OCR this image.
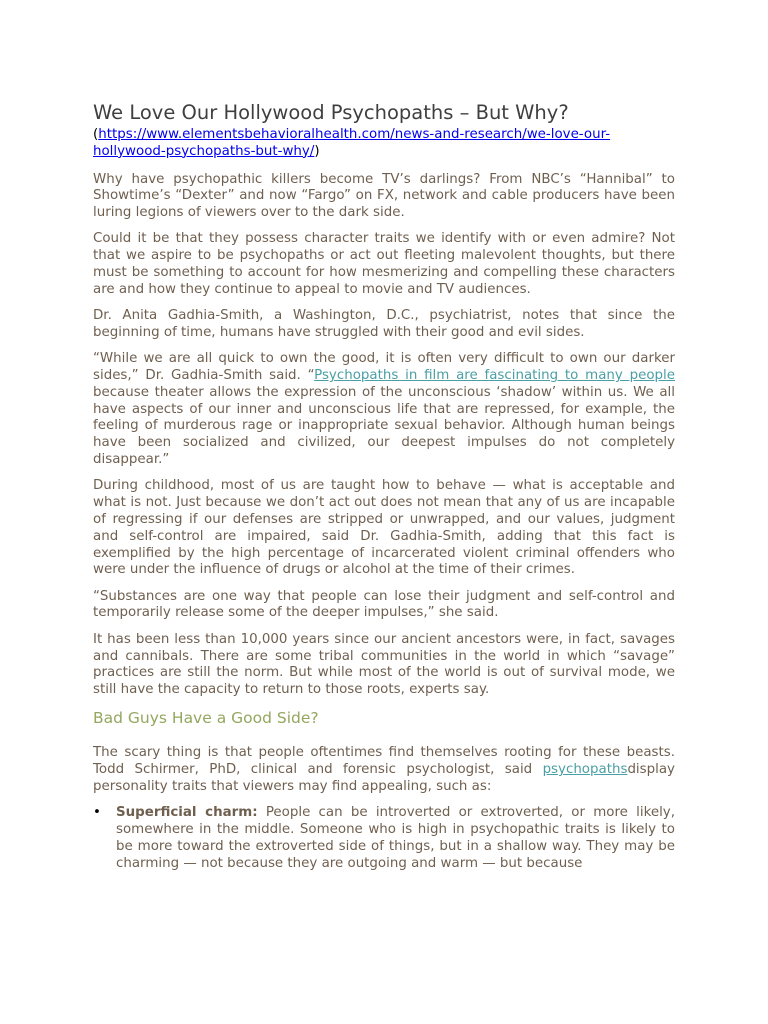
We Love Our Hollywood Psychopaths – But Why?
(https://www.elementsbehavioralhealth.com/news-and-research/we-love-our-hollywood-psychopaths-but-why/)

Why have psychopathic killers become TV’s darlings? From NBC’s “Hannibal” to Showtime’s “Dexter” and now “Fargo” on FX, network and cable producers have been luring legions of viewers over to the dark side.

Could it be that they possess character traits we identify with or even admire? Not that we aspire to be psychopaths or act out fleeting malevolent thoughts, but there must be something to account for how mesmerizing and compelling these characters are and how they continue to appeal to movie and TV audiences.

Dr. Anita Gadhia-Smith, a Washington, D.C., psychiatrist, notes that since the beginning of time, humans have struggled with their good and evil sides.

“While we are all quick to own the good, it is often very difficult to own our darker sides,” Dr. Gadhia-Smith said. “Psychopaths in film are fascinating to many people because theater allows the expression of the unconscious ‘shadow’ within us. We all have aspects of our inner and unconscious life that are repressed, for example, the feeling of murderous rage or inappropriate sexual behavior. Although human beings have been socialized and civilized, our deepest impulses do not completely disappear.”

During childhood, most of us are taught how to behave — what is acceptable and what is not. Just because we don’t act out does not mean that any of us are incapable of regressing if our defenses are stripped or unwrapped, and our values, judgment and self-control are impaired, said Dr. Gadhia-Smith, adding that this fact is exemplified by the high percentage of incarcerated violent criminal offenders who were under the influence of drugs or alcohol at the time of their crimes.

“Substances are one way that people can lose their judgment and self-control and temporarily release some of the deeper impulses,” she said.

It has been less than 10,000 years since our ancient ancestors were, in fact, savages and cannibals. There are some tribal communities in the world in which “savage” practices are still the norm. But while most of the world is out of survival mode, we still have the capacity to return to those roots, experts say.

Bad Guys Have a Good Side?

The scary thing is that people oftentimes find themselves rooting for these beasts. Todd Schirmer, PhD, clinical and forensic psychologist, said psychopathsdisplay personality traits that viewers may find appealing, such as:

• Superficial charm: People can be introverted or extroverted, or more likely, somewhere in the middle. Someone who is high in psychopathic traits is likely to be more toward the extroverted side of things, but in a shallow way. They may be charming — not because they are outgoing and warm — but because
